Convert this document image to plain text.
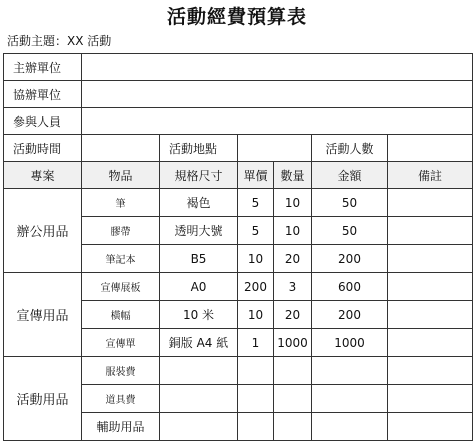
活動經費預算表
活動主題：XX 活動
主辦單位						
協辦單位						
參與人員						
活動時間		活動地點			活動人數	
專案	物品	規格尺寸	單價	數量	金額	備註
辦公用品	筆	褐色	5	10	50	
	膠帶	透明大號	5	10	50	
	筆記本	B5	10	20	200	
宣傳用品	宣傳展板	A0	200	3	600	
	橫幅	10 米	10	20	200	
	宣傳單	銅版 A4 紙	1	1000	1000	
活動用品	服裝費					
	道具費					
	輔助用品					
